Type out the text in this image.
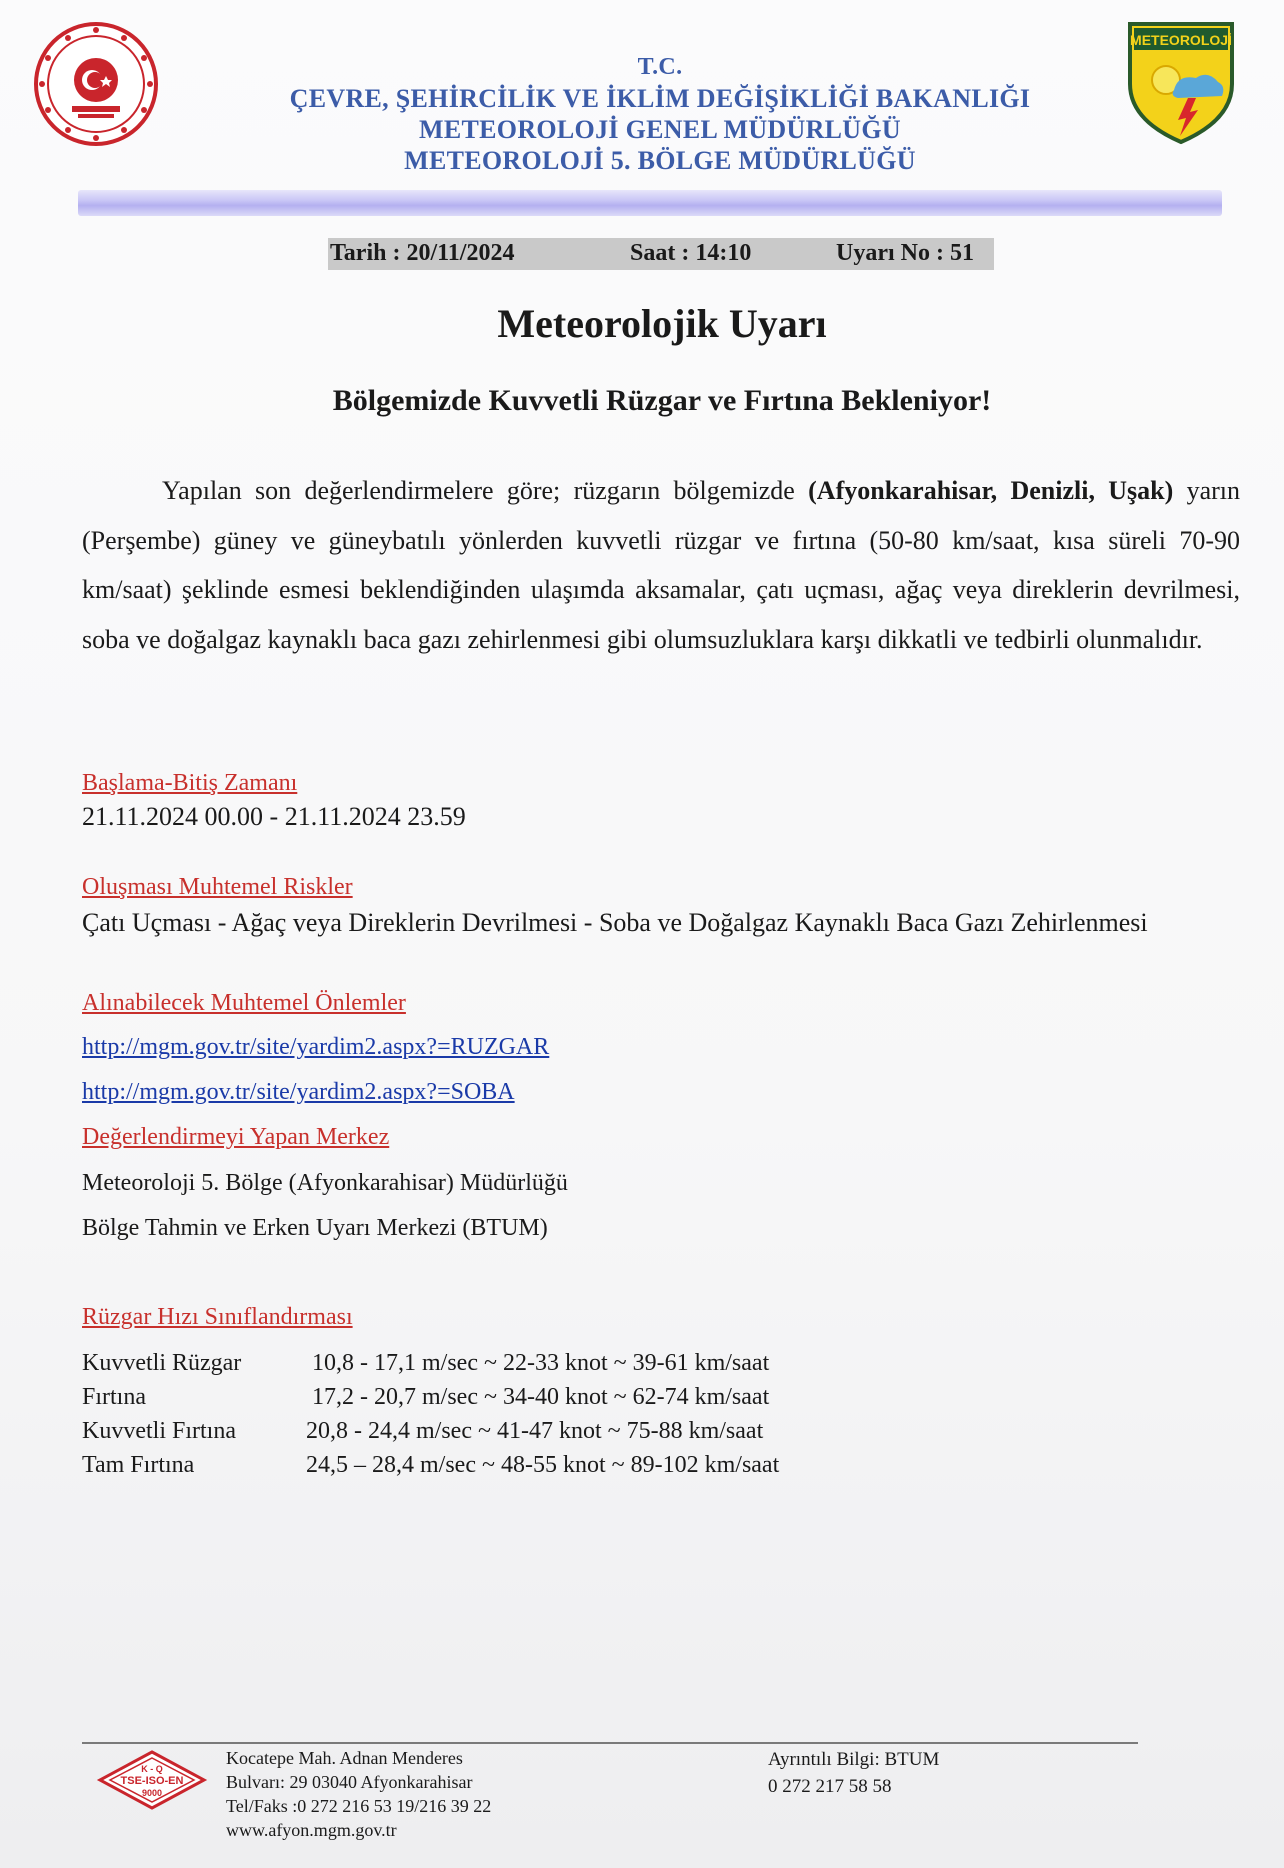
T.C.
ÇEVRE, ŞEHİRCİLİK VE İKLİM DEĞİŞİKLİĞİ BAKANLIĞI
METEOROLOJİ GENEL MÜDÜRLÜĞÜ
METEOROLOJİ 5. BÖLGE MÜDÜRLÜĞÜ
METEOROLOJİ
Tarih : 20/11/2024	Saat : 14:10	Uyarı No : 51
Meteorolojik Uyarı
Bölgemizde Kuvvetli Rüzgar ve Fırtına Bekleniyor!
Yapılan son değerlendirmelere göre; rüzgarın bölgemizde (Afyonkarahisar, Denizli, Uşak) yarın (Perşembe) güney ve güneybatılı yönlerden kuvvetli rüzgar ve fırtına (50-80 km/saat, kısa süreli 70-90 km/saat) şeklinde esmesi beklendiğinden ulaşımda aksamalar, çatı uçması, ağaç veya direklerin devrilmesi, soba ve doğalgaz kaynaklı baca gazı zehirlenmesi gibi olumsuzluklara karşı dikkatli ve tedbirli olunmalıdır.
Başlama-Bitiş Zamanı
21.11.2024 00.00 - 21.11.2024 23.59
Oluşması Muhtemel Riskler
Çatı Uçması - Ağaç veya Direklerin Devrilmesi - Soba ve Doğalgaz Kaynaklı Baca Gazı Zehirlenmesi
Alınabilecek Muhtemel Önlemler
http://mgm.gov.tr/site/yardim2.aspx?=RUZGAR
http://mgm.gov.tr/site/yardim2.aspx?=SOBA
Değerlendirmeyi Yapan Merkez
Meteoroloji 5. Bölge (Afyonkarahisar) Müdürlüğü
Bölge Tahmin ve Erken Uyarı Merkezi (BTUM)
Rüzgar Hızı Sınıflandırması
Kuvvetli Rüzgar	10,8 - 17,1 m/sec ~ 22-33 knot ~ 39-61 km/saat
Fırtına	17,2 - 20,7 m/sec ~ 34-40 knot ~ 62-74 km/saat
Kuvvetli Fırtına	20,8 - 24,4 m/sec ~ 41-47 knot ~ 75-88 km/saat
Tam Fırtına	24,5 – 28,4 m/sec ~ 48-55 knot ~ 89-102 km/saat
K - Q
TSE-ISO-EN
9000
Kocatepe Mah. Adnan Menderes
Bulvarı: 29 03040 Afyonkarahisar
Tel/Faks :0 272 216 53 19/216 39 22
www.afyon.mgm.gov.tr
Ayrıntılı Bilgi: BTUM
0 272 217 58 58
